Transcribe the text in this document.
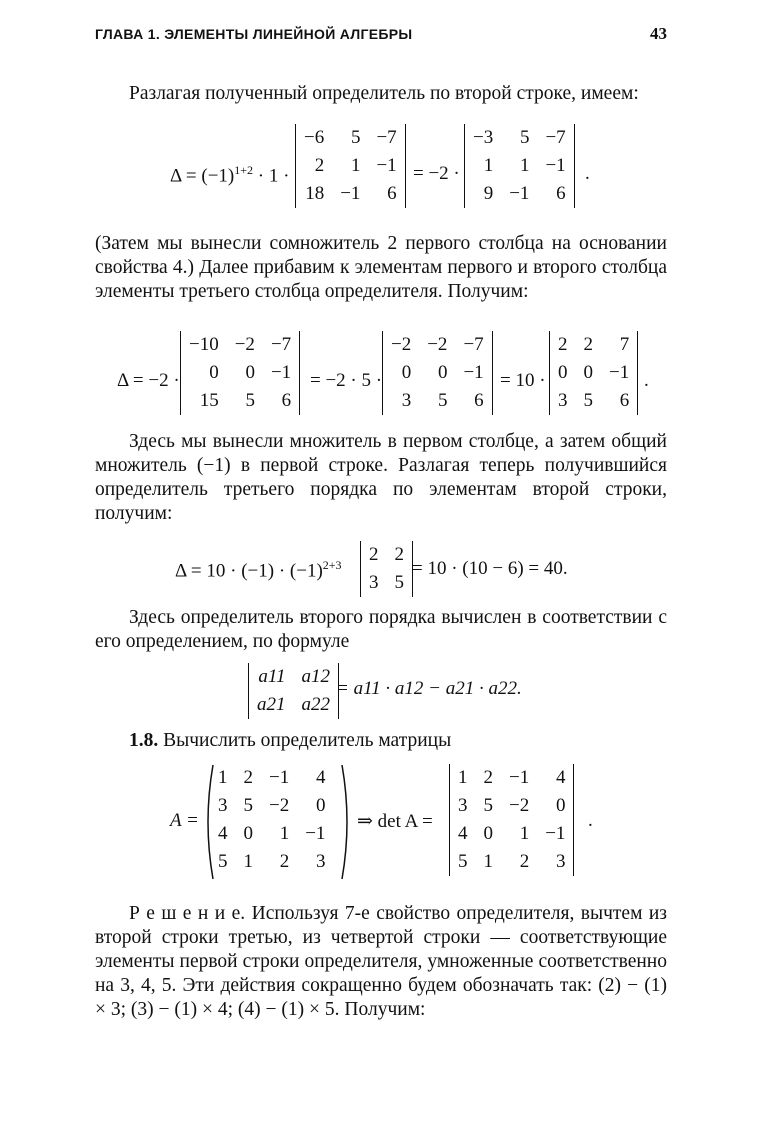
ГЛАВА 1. ЭЛЕМЕНТЫ ЛИНЕЙНОЙ АЛГЕБРЫ	43
Разлагая полученный определитель по второй строке, имеем:
$\Delta = (-1)^{1+2} \cdot 1$ ·
−6	5	−7
2	1	−1
18	−1	6
= −2 ·
−3	5	−7
1	1	−1
9	−1	6
.
(Затем мы вынесли сомножитель 2 первого столбца на основании свойства 4.) Далее прибавим к элементам первого и второго столбца элементы третьего столбца определителя. Получим:
Δ = −2 ·
−10	−2	−7
0	0	−1
15	5	6
= −2 · 5 ·
−2	−2	−7
0	0	−1
3	5	6
= 10 ·
2	2	7
0	0	−1
3	5	6
.
Здесь мы вынесли множитель в первом столбце, а затем общий множитель (−1) в первой строке. Разлагая теперь получившийся определитель третьего порядка по элементам второй строки, получим:
$\Delta = 10 \cdot (-1) \cdot (-1)^{2+3}$ 2	2
3	5
= 10 · (10 − 6) = 40.
Здесь определитель второго порядка вычислен в соответствии с его определением, по формуле
a11	a12
a21	a22
= a11 · a12 − a21 · a22.
1.8. Вычислить определитель матрицы
A =
1	2	−1	4
3	5	−2	0
4	0	1	−1
5	1	2	3
⇒ det A =
1	2	−1	4
3	5	−2	0
4	0	1	−1
5	1	2	3
.
Р е ш е н и е. Используя 7-е свойство определителя, вычтем из второй строки третью, из четвертой строки — соответствующие элементы первой строки определителя, умноженные соответственно на 3, 4, 5. Эти действия сокращенно будем обозначать так: (2) − (1) × 3; (3) − (1) × 4; (4) − (1) × 5. Получим:
